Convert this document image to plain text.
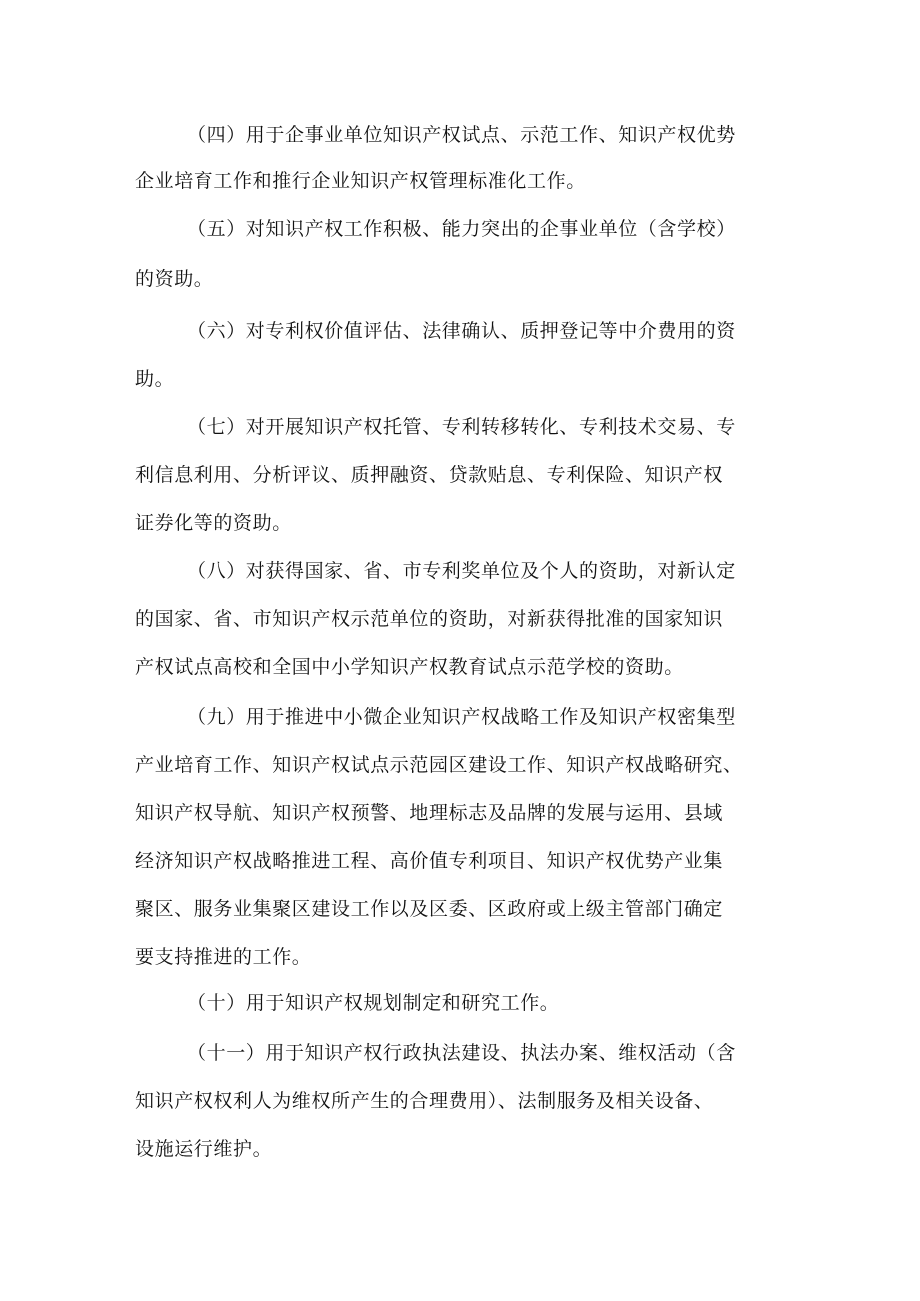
（四）用于企事业单位知识产权试点、示范工作、知识产权优势
企业培育工作和推行企业知识产权管理标准化工作。
（五）对知识产权工作积极、能力突出的企事业单位（含学校）
的资助。
（六）对专利权价值评估、法律确认、质押登记等中介费用的资
助。
（七）对开展知识产权托管、专利转移转化、专利技术交易、专
利信息利用、分析评议、质押融资、贷款贴息、专利保险、知识产权
证券化等的资助。
（八）对获得国家、省、市专利奖单位及个人的资助，对新认定
的国家、省、市知识产权示范单位的资助，对新获得批准的国家知识
产权试点高校和全国中小学知识产权教育试点示范学校的资助。
（九）用于推进中小微企业知识产权战略工作及知识产权密集型
产业培育工作、知识产权试点示范园区建设工作、知识产权战略研究、
知识产权导航、知识产权预警、地理标志及品牌的发展与运用、县域
经济知识产权战略推进工程、高价值专利项目、知识产权优势产业集
聚区、服务业集聚区建设工作以及区委、区政府或上级主管部门确定
要支持推进的工作。
（十）用于知识产权规划制定和研究工作。
（十一）用于知识产权行政执法建设、执法办案、维权活动（含
知识产权权利人为维权所产生的合理费用）、法制服务及相关设备、
设施运行维护。
